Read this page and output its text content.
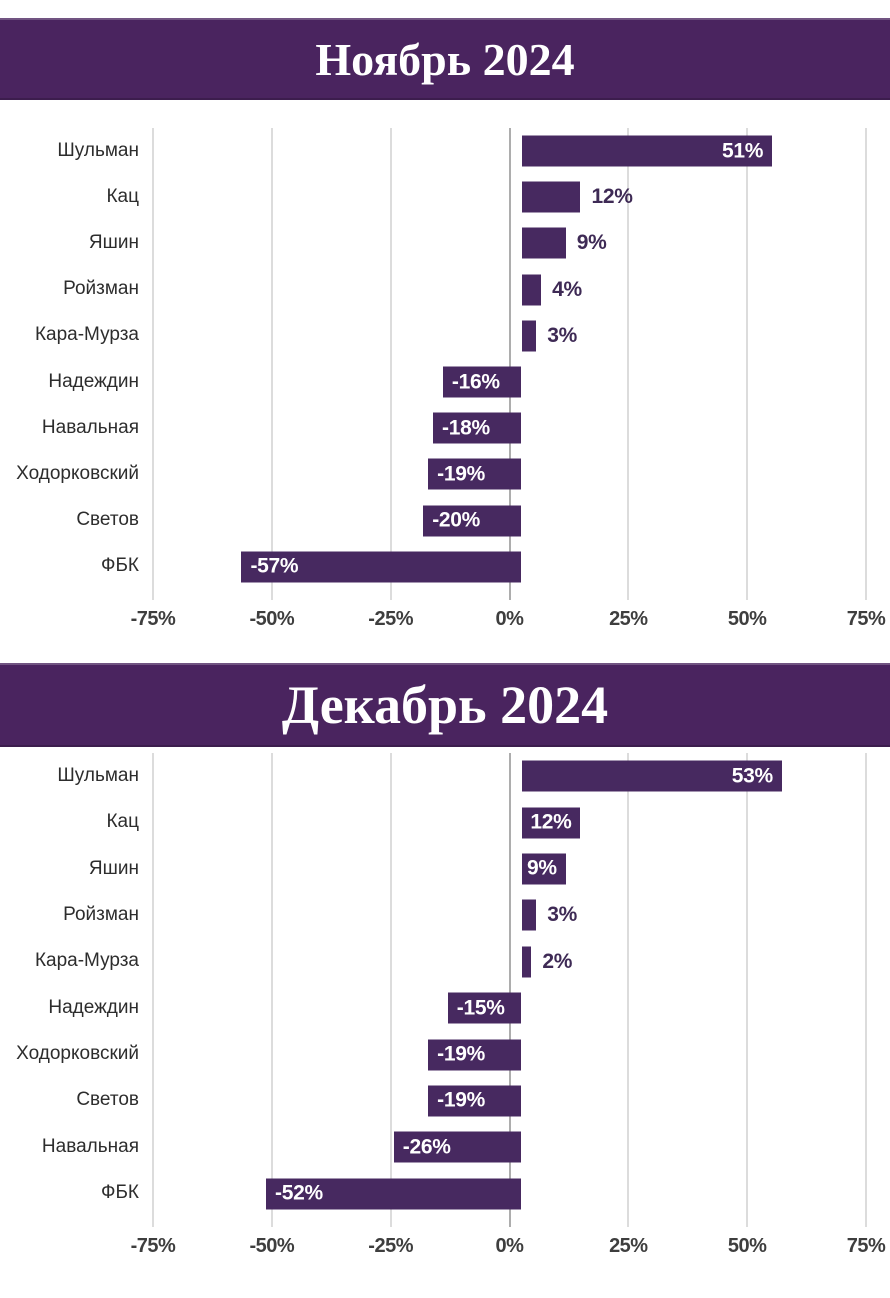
Ноябрь 2024
-75%	-50%	-25%	0%	25%	50%	75%
Шульман	51%
Кац	12%
Яшин	9%
Ройзман	4%
Кара-Мурза	3%
Надеждин	-16%
Навальная	-18%
Ходорковский	-19%
Светов	-20%
ФБК	-57%
Декабрь 2024
-75%	-50%	-25%	0%	25%	50%	75%
Шульман	53%
Кац	12%
Яшин	9%
Ройзман	3%
Кара-Мурза	2%
Надеждин	-15%
Ходорковский	-19%
Светов	-19%
Навальная	-26%
ФБК	-52%
